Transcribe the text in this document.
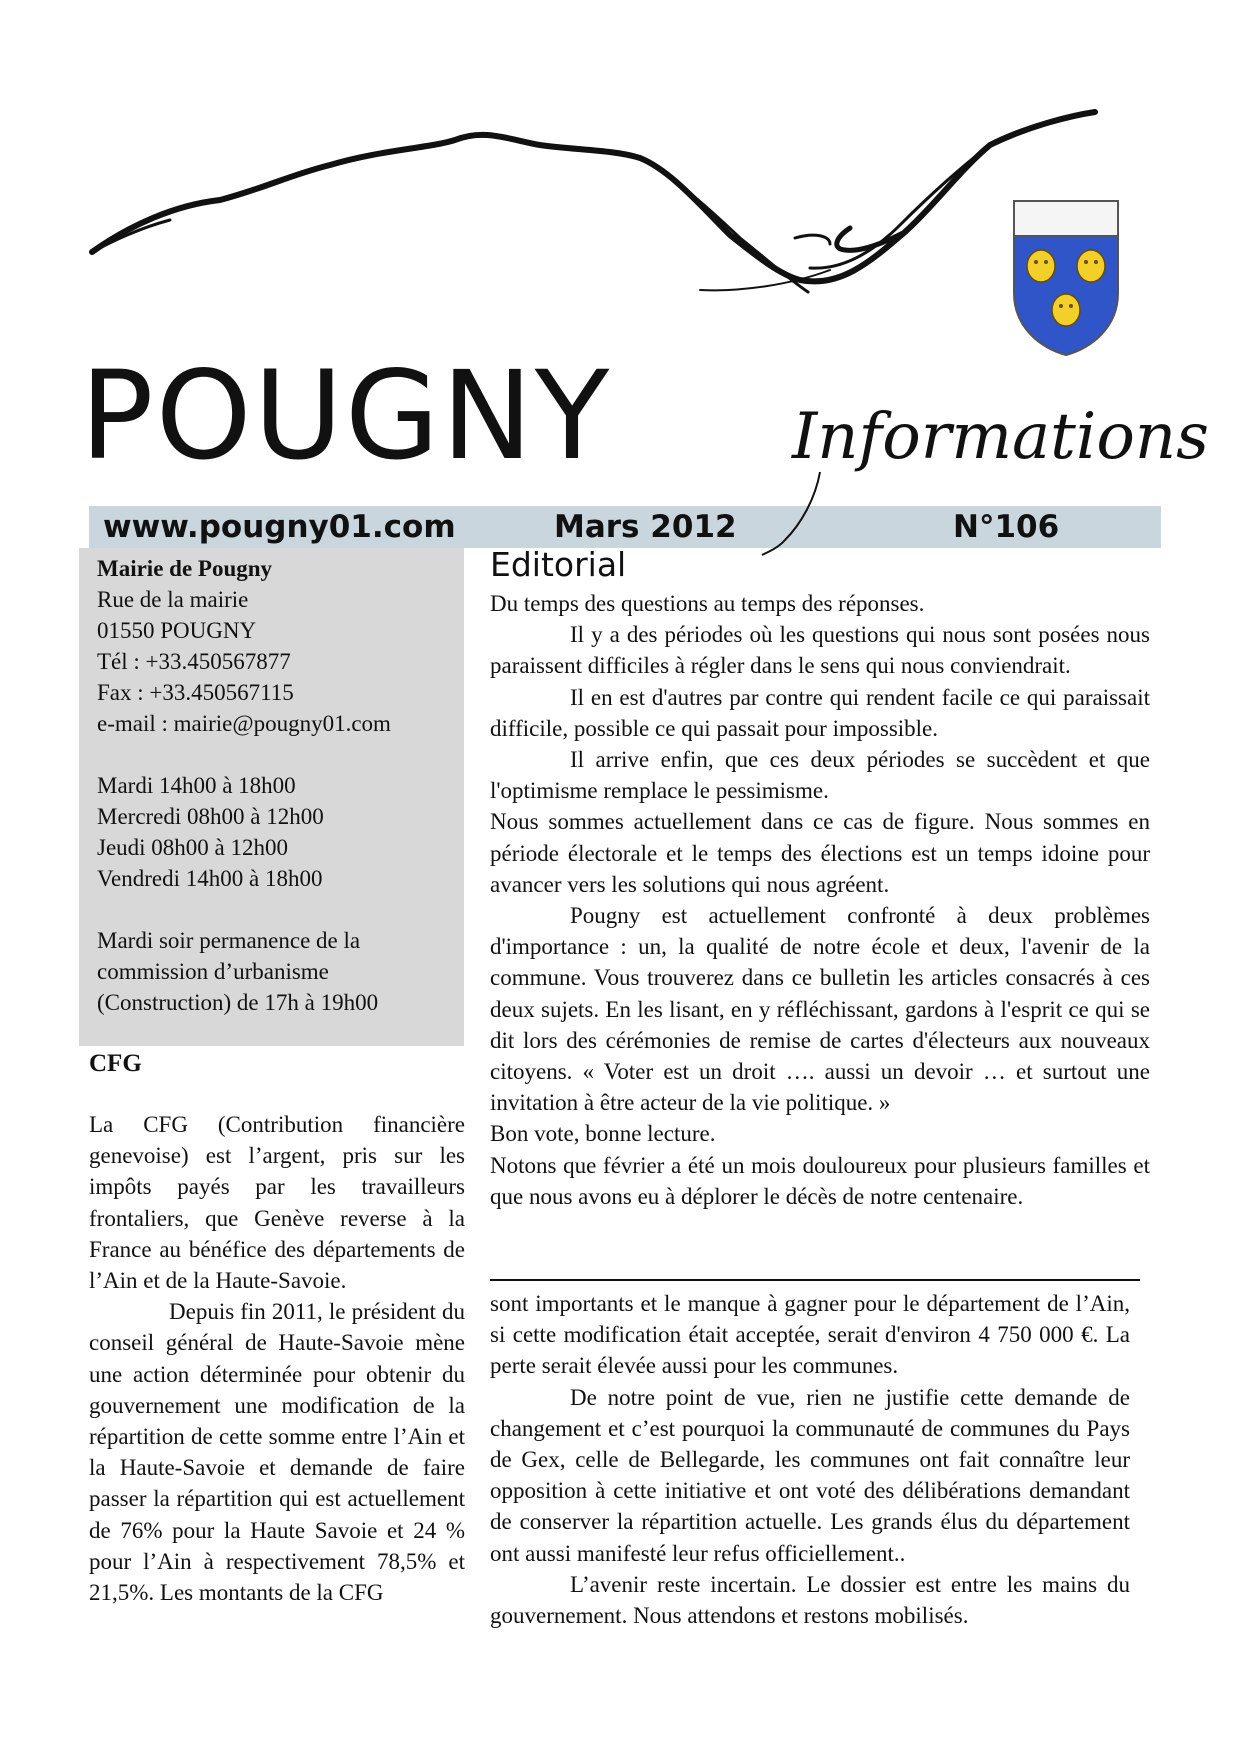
POUGNY	Informations
www.pougny01.com	Mars 2012	N°106
Mairie de Pougny
Rue de la mairie
01550 POUGNY
Tél : +33.450567877
Fax : +33.450567115
e-mail : mairie@pougny01.com
Mardi 14h00 à 18h00
Mercredi 08h00 à 12h00
Jeudi 08h00 à 12h00
Vendredi 14h00 à 18h00
Mardi soir permanence de la commission d’urbanisme (Construction) de 17h à 19h00
CFG

La CFG (Contribution financière genevoise) est l’argent, pris sur les impôts payés par les travailleurs frontaliers, que Genève reverse à la France au bénéfice des départements de l’Ain et de la Haute-Savoie.

Depuis fin 2011, le président du conseil général de Haute-Savoie mène une action déterminée pour obtenir du gouvernement une modification de la répartition de cette somme entre l’Ain et la Haute-Savoie et demande de faire passer la répartition qui est actuellement de 76% pour la Haute Savoie et 24 % pour l’Ain à respectivement 78,5% et 21,5%. Les montants de la CFG

Editorial

Du temps des questions au temps des réponses.

Il y a des périodes où les questions qui nous sont posées nous paraissent difficiles à régler dans le sens qui nous conviendrait.

Il en est d'autres par contre qui rendent facile ce qui paraissait difficile, possible ce qui passait pour impossible.

Il arrive enfin, que ces deux périodes se succèdent et que l'optimisme remplace le pessimisme.

Nous sommes actuellement dans ce cas de figure. Nous sommes en période électorale et le temps des élections est un temps idoine pour avancer vers les solutions qui nous agréent.

Pougny est actuellement confronté à deux problèmes d'importance : un, la qualité de notre école et deux, l'avenir de la commune. Vous trouverez dans ce bulletin les articles consacrés à ces deux sujets. En les lisant, en y réfléchissant, gardons à l'esprit ce qui se dit lors des cérémonies de remise de cartes d'électeurs aux nouveaux citoyens. « Voter est un droit …. aussi un devoir … et surtout une invitation à être acteur de la vie politique. »

Bon vote, bonne lecture.

Notons que février a été un mois douloureux pour plusieurs familles et que nous avons eu à déplorer le décès de notre centenaire.

sont importants et le manque à gagner pour le département de l’Ain, si cette modification était acceptée, serait d'environ 4 750 000 €. La perte serait élevée aussi pour les communes.

De notre point de vue, rien ne justifie cette demande de changement et c’est pourquoi la communauté de communes du Pays de Gex, celle de Bellegarde, les communes ont fait connaître leur opposition à cette initiative et ont voté des délibérations demandant de conserver la répartition actuelle. Les grands élus du département ont aussi manifesté leur refus officiellement..

L’avenir reste incertain. Le dossier est entre les mains du gouvernement. Nous attendons et restons mobilisés.
